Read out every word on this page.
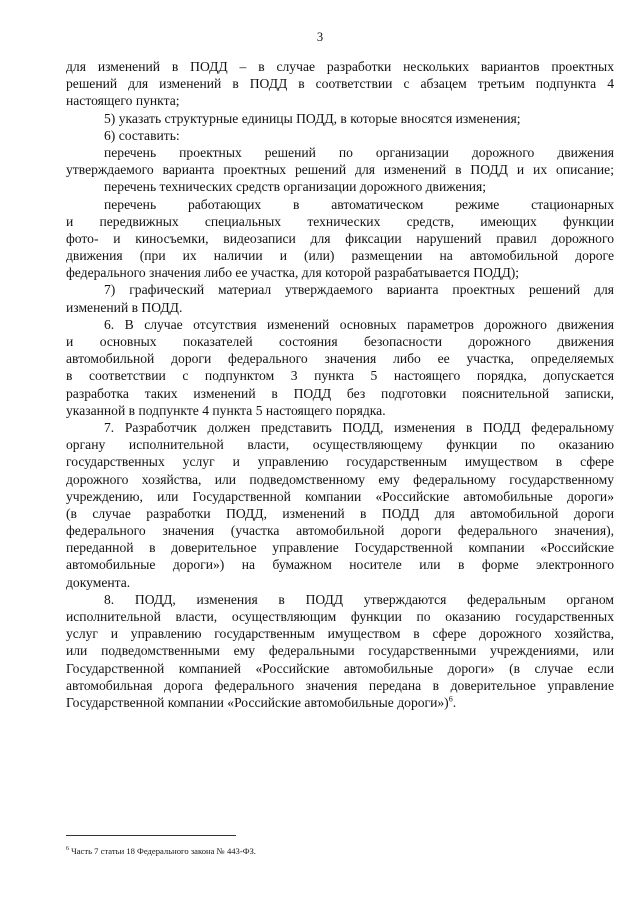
3
для изменений в ПОДД – в случае разработки нескольких вариантов проектных
решений для изменений в ПОДД в соответствии с абзацем третьим подпункта 4
настоящего пункта;
5) указать структурные единицы ПОДД, в которые вносятся изменения;
6) составить:
перечень проектных решений по организации дорожного движения
утверждаемого варианта проектных решений для изменений в ПОДД и их описание;
перечень технических средств организации дорожного движения;
перечень работающих в автоматическом режиме стационарных
и передвижных специальных технических средств, имеющих функции
фото- и киносъемки, видеозаписи для фиксации нарушений правил дорожного
движения (при их наличии и (или) размещении на автомобильной дороге
федерального значения либо ее участка, для которой разрабатывается ПОДД);
7) графический материал утверждаемого варианта проектных решений для
изменений в ПОДД.
6. В случае отсутствия изменений основных параметров дорожного движения
и основных показателей состояния безопасности дорожного движения
автомобильной дороги федерального значения либо ее участка, определяемых
в соответствии с подпунктом 3 пункта 5 настоящего порядка, допускается
разработка таких изменений в ПОДД без подготовки пояснительной записки,
указанной в подпункте 4 пункта 5 настоящего порядка.
7. Разработчик должен представить ПОДД, изменения в ПОДД федеральному
органу исполнительной власти, осуществляющему функции по оказанию
государственных услуг и управлению государственным имуществом в сфере
дорожного хозяйства, или подведомственному ему федеральному государственному
учреждению, или Государственной компании «Российские автомобильные дороги»
(в случае разработки ПОДД, изменений в ПОДД для автомобильной дороги
федерального значения (участка автомобильной дороги федерального значения),
переданной в доверительное управление Государственной компании «Российские
автомобильные дороги») на бумажном носителе или в форме электронного
документа.
8. ПОДД, изменения в ПОДД утверждаются федеральным органом
исполнительной власти, осуществляющим функции по оказанию государственных
услуг и управлению государственным имуществом в сфере дорожного хозяйства,
или подведомственными ему федеральными государственными учреждениями, или
Государственной компанией «Российские автомобильные дороги» (в случае если
автомобильная дорога федерального значения передана в доверительное управление
Государственной компании «Российские автомобильные дороги»)$^6$.
$^6$ Часть 7 статьи 18 Федерального закона № 443-ФЗ.
